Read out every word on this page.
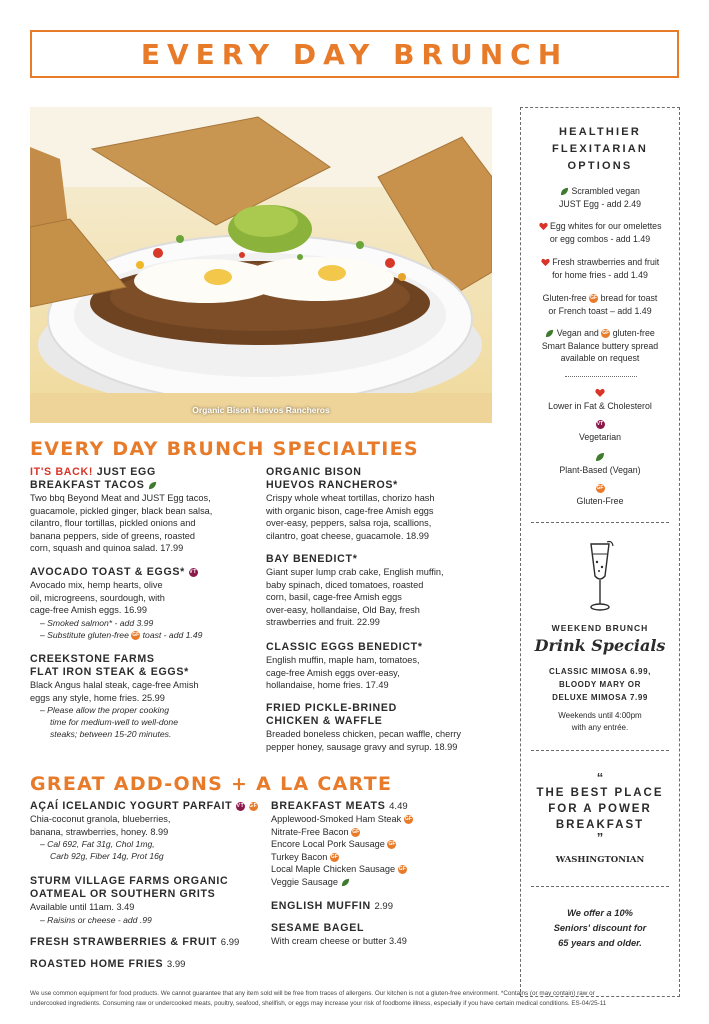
EVERY DAY BRUNCH
Organic Bison Huevos Rancheros
EVERY DAY BRUNCH SPECIALTIES
IT'S BACK! JUST EGG
BREAKFAST TACOS
Two bbq Beyond Meat and JUST Egg tacos,
guacamole, pickled ginger, black bean salsa,
cilantro, flour tortillas, pickled onions and
banana peppers, side of greens, roasted
corn, squash and quinoa salad. 17.99
AVOCADO TOAST & EGGS* VT
Avocado mix, hemp hearts, olive
oil, microgreens, sourdough, with
cage-free Amish eggs. 16.99
– Smoked salmon* - add 3.99
– Substitute gluten-free GF toast - add 1.49
CREEKSTONE FARMS
FLAT IRON STEAK & EGGS*
Black Angus halal steak, cage-free Amish
eggs any style, home fries. 25.99
– Please allow the proper cooking
time for medium-well to well-done
steaks; between 15-20 minutes.
ORGANIC BISON
HUEVOS RANCHEROS*
Crispy whole wheat tortillas, chorizo hash
with organic bison, cage-free Amish eggs
over-easy, peppers, salsa roja, scallions,
cilantro, goat cheese, guacamole. 18.99
BAY BENEDICT*
Giant super lump crab cake, English muffin,
baby spinach, diced tomatoes, roasted
corn, basil, cage-free Amish eggs
over-easy, hollandaise, Old Bay, fresh
strawberries and fruit. 22.99
CLASSIC EGGS BENEDICT*
English muffin, maple ham, tomatoes,
cage-free Amish eggs over-easy,
hollandaise, home fries. 17.49
FRIED PICKLE-BRINED
CHICKEN & WAFFLE
Breaded boneless chicken, pecan waffle, cherry
pepper honey, sausage gravy and syrup. 18.99
GREAT ADD-ONS + A LA CARTE
AÇAÍ ICELANDIC YOGURT PARFAIT VT GF
Chia-coconut granola, blueberries,
banana, strawberries, honey. 8.99
– Cal 692, Fat 31g, Chol 1mg,
Carb 92g, Fiber 14g, Prot 16g
STURM VILLAGE FARMS ORGANIC
OATMEAL OR SOUTHERN GRITS
Available until 11am. 3.49
– Raisins or cheese - add .99
FRESH STRAWBERRIES & FRUIT 6.99
ROASTED HOME FRIES 3.99
BREAKFAST MEATS 4.49
Applewood-Smoked Ham Steak GF
Nitrate-Free Bacon GF
Encore Local Pork Sausage GF
Turkey Bacon GF
Local Maple Chicken Sausage GF
Veggie Sausage
ENGLISH MUFFIN 2.99
SESAME BAGEL
With cream cheese or butter 3.49
HEALTHIER
FLEXITARIAN
OPTIONS
Scrambled vegan
JUST Egg - add 2.49
Egg whites for our omelettes
or egg combos - add 1.49
Fresh strawberries and fruit
for home fries - add 1.49
Gluten-free GF bread for toast
or French toast – add 1.49
Vegan and GF gluten-free
Smart Balance buttery spread
available on request
Lower in Fat & Cholesterol
VT
Vegetarian
Plant-Based (Vegan)
GF
Gluten-Free
WEEKEND BRUNCH
Drink Specials
CLASSIC MIMOSA 6.99,
BLOODY MARY OR
DELUXE MIMOSA 7.99
Weekends until 4:00pm
with any entrée.
“
THE BEST PLACE
FOR A POWER
BREAKFAST
”
WASHINGTONIAN
We offer a 10%
Seniors' discount for
65 years and older.
We use common equipment for food products. We cannot guarantee that any item sold will be free from traces of allergens. Our kitchen is not a gluten-free environment. *Contains (or may contain) raw or
undercooked ingredients. Consuming raw or undercooked meats, poultry, seafood, shellfish, or eggs may increase your risk of foodborne illness, especially if you have certain medical conditions. ES-04/25-11
